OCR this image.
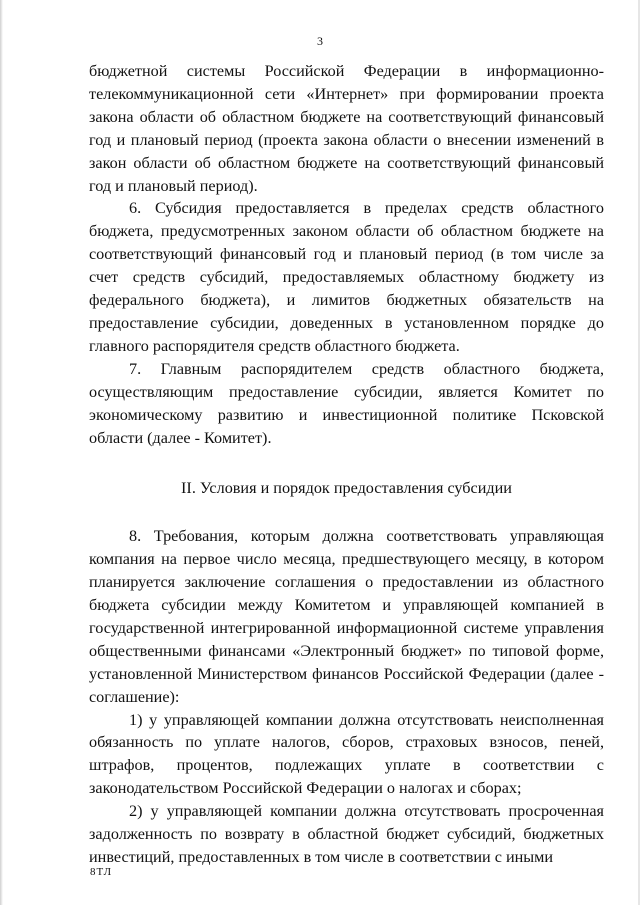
3

бюджетной системы Российской Федерации в информационно-телекоммуникационной сети «Интернет» при формировании проекта закона области об областном бюджете на соответствующий финансовый год и плановый период (проекта закона области о внесении изменений в закон области об областном бюджете на соответствующий финансовый год и плановый период).

6. Субсидия предоставляется в пределах средств областного бюджета, предусмотренных законом области об областном бюджете на соответствующий финансовый год и плановый период (в том числе за счет средств субсидий, предоставляемых областному бюджету из федерального бюджета), и лимитов бюджетных обязательств на предоставление субсидии, доведенных в установленном порядке до главного распорядителя средств областного бюджета.

7. Главным распорядителем средств областного бюджета, осуществляющим предоставление субсидии, является Комитет по экономическому развитию и инвестиционной политике Псковской области (далее - Комитет).

II. Условия и порядок предоставления субсидии

8. Требования, которым должна соответствовать управляющая компания на первое число месяца, предшествующего месяцу, в котором планируется заключение соглашения о предоставлении из областного бюджета субсидии между Комитетом и управляющей компанией в государственной интегрированной информационной системе управления общественными финансами «Электронный бюджет» по типовой форме, установленной Министерством финансов Российской Федерации (далее - соглашение):

1) у управляющей компании должна отсутствовать неисполненная обязанность по уплате налогов, сборов, страховых взносов, пеней, штрафов, процентов, подлежащих уплате в соответствии с законодательством Российской Федерации о налогах и сборах;

2) у управляющей компании должна отсутствовать просроченная задолженность по возврату в областной бюджет субсидий, бюджетных инвестиций, предоставленных в том числе в соответствии с иными

8ТЛ
